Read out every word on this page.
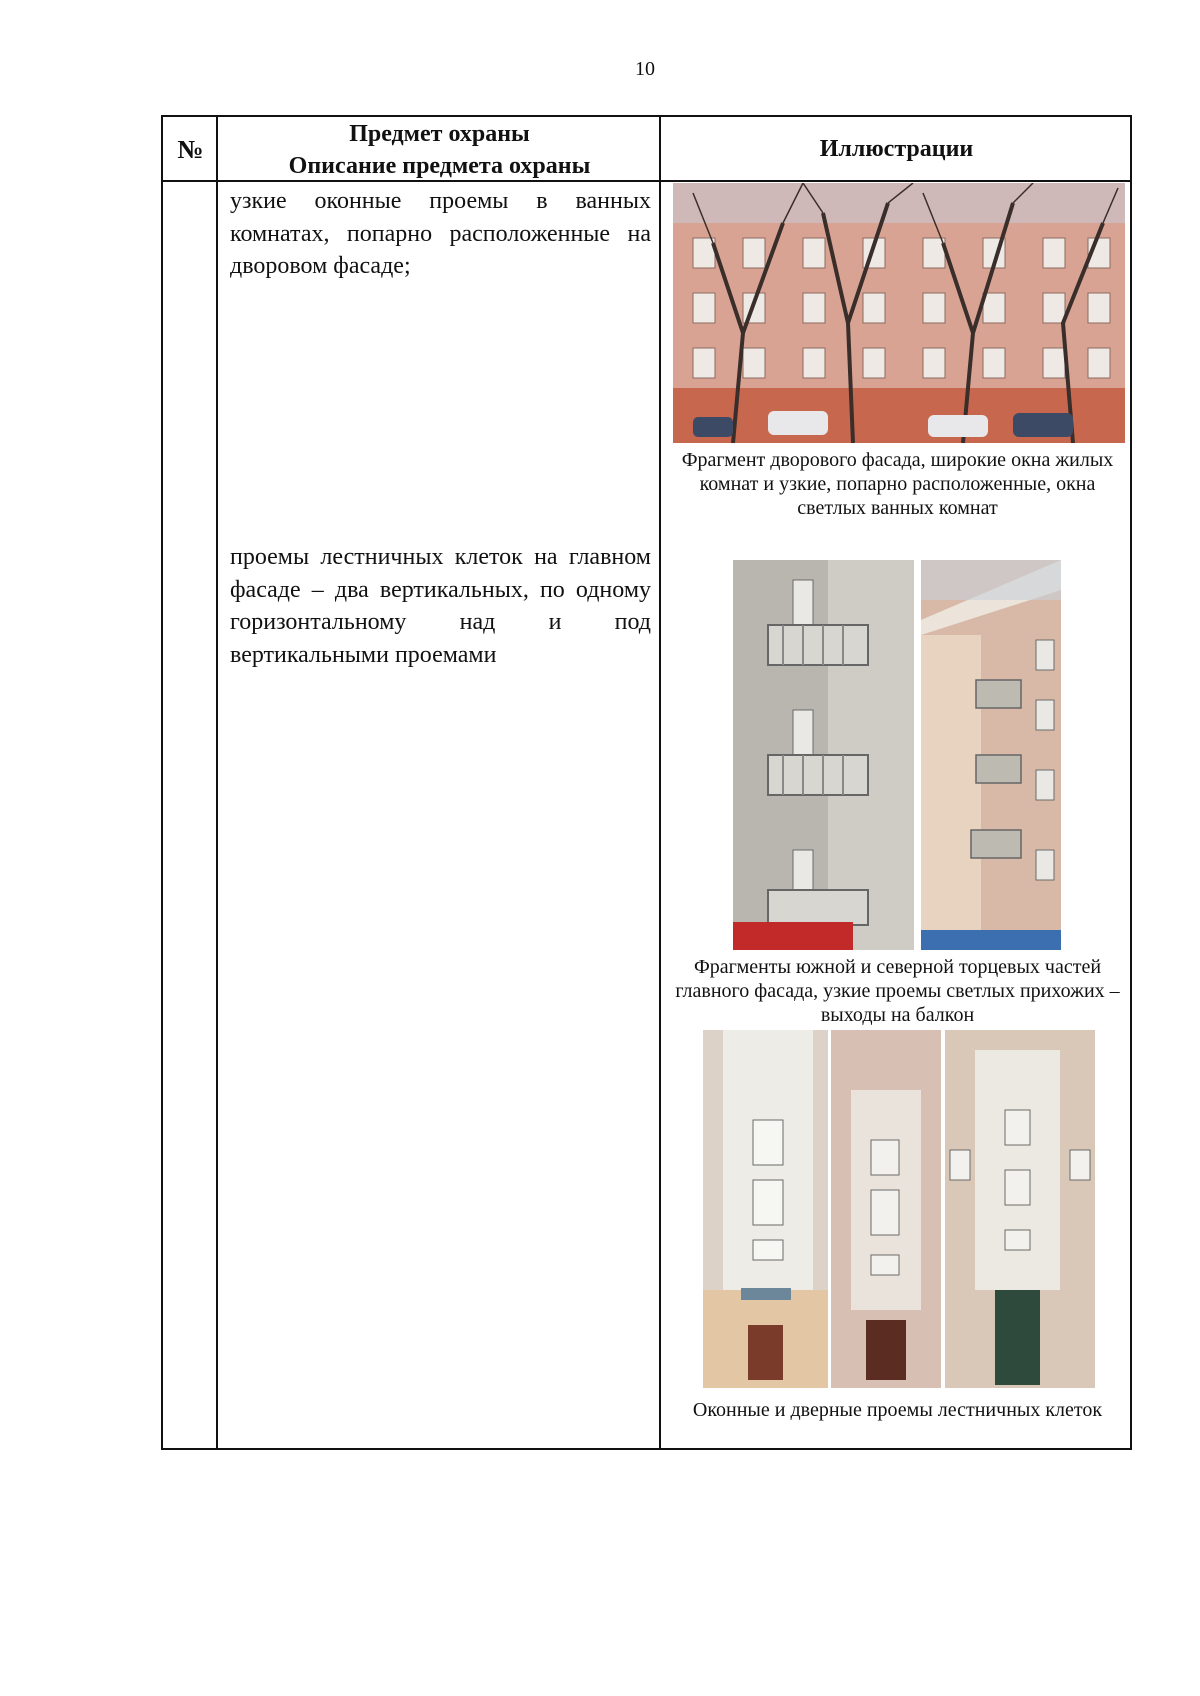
10
№
Предмет охраны
Описание предмета охраны
Иллюстрации
узкие оконные проемы в ванных комнатах, попарно расположенные на дворовом фасаде;
Фрагмент дворового фасада, широкие окна жилых комнат и узкие, попарно расположенные, окна светлых ванных комнат
проемы лестничных клеток на главном фасаде – два вертикальных, по одному горизонтальному над и под вертикальными проемами
Фрагменты южной и северной торцевых частей главного фасада, узкие проемы светлых прихожих – выходы на балкон
Оконные и дверные проемы лестничных клеток
